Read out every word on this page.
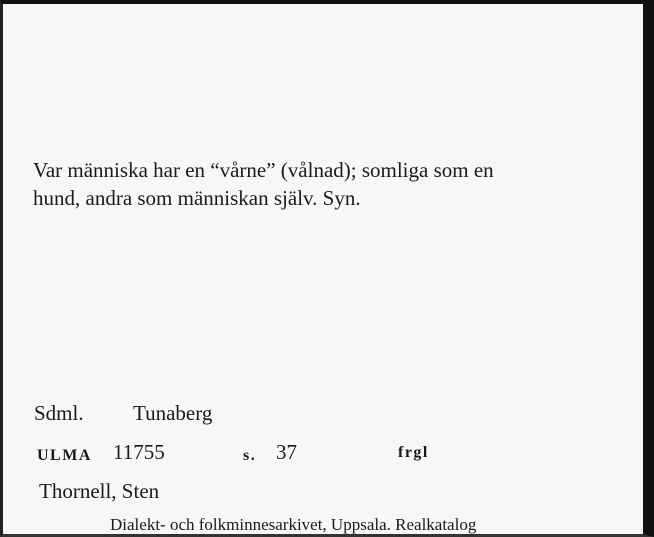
Var människa har en “vårne” (vålnad); somliga som en
hund, andra som människan själv. Syn.
Sdml. Tunaberg
ULMA 11755	s. 37	frgl
Thornell, Sten
Dialekt- och folkminnesarkivet, Uppsala. Realkatalog
